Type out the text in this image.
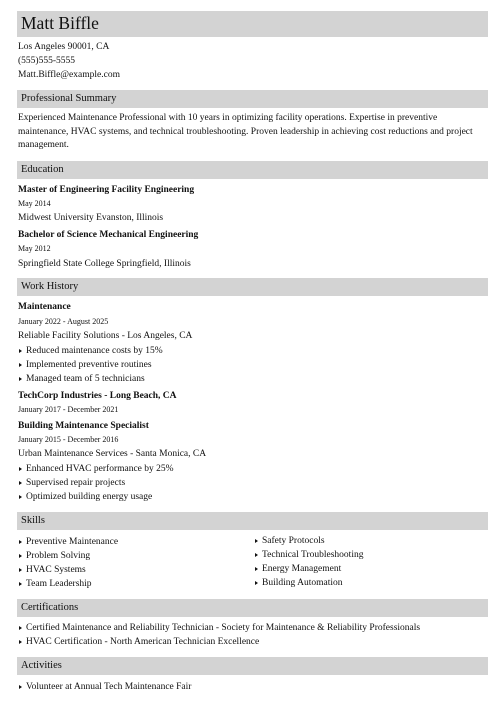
Matt Biffle
Los Angeles 90001, CA
(555)555-5555
Matt.Biffle@example.com
Professional Summary
Experienced Maintenance Professional with 10 years in optimizing facility operations. Expertise in preventive maintenance, HVAC systems, and technical troubleshooting. Proven leadership in achieving cost reductions and project management.
Education
Master of Engineering Facility Engineering
May 2014
Midwest University Evanston, Illinois
Bachelor of Science Mechanical Engineering
May 2012
Springfield State College Springfield, Illinois
Work History
Maintenance
January 2022 - August 2025
Reliable Facility Solutions - Los Angeles, CA
Reduced maintenance costs by 15%
Implemented preventive routines
Managed team of 5 technicians
TechCorp Industries - Long Beach, CA
January 2017 - December 2021
Building Maintenance Specialist
January 2015 - December 2016
Urban Maintenance Services - Santa Monica, CA
Enhanced HVAC performance by 25%
Supervised repair projects
Optimized building energy usage
Skills
Preventive Maintenance
Problem Solving
HVAC Systems
Team Leadership
Safety Protocols
Technical Troubleshooting
Energy Management
Building Automation
Certifications
Certified Maintenance and Reliability Technician - Society for Maintenance & Reliability Professionals
HVAC Certification - North American Technician Excellence
Activities
Volunteer at Annual Tech Maintenance Fair
